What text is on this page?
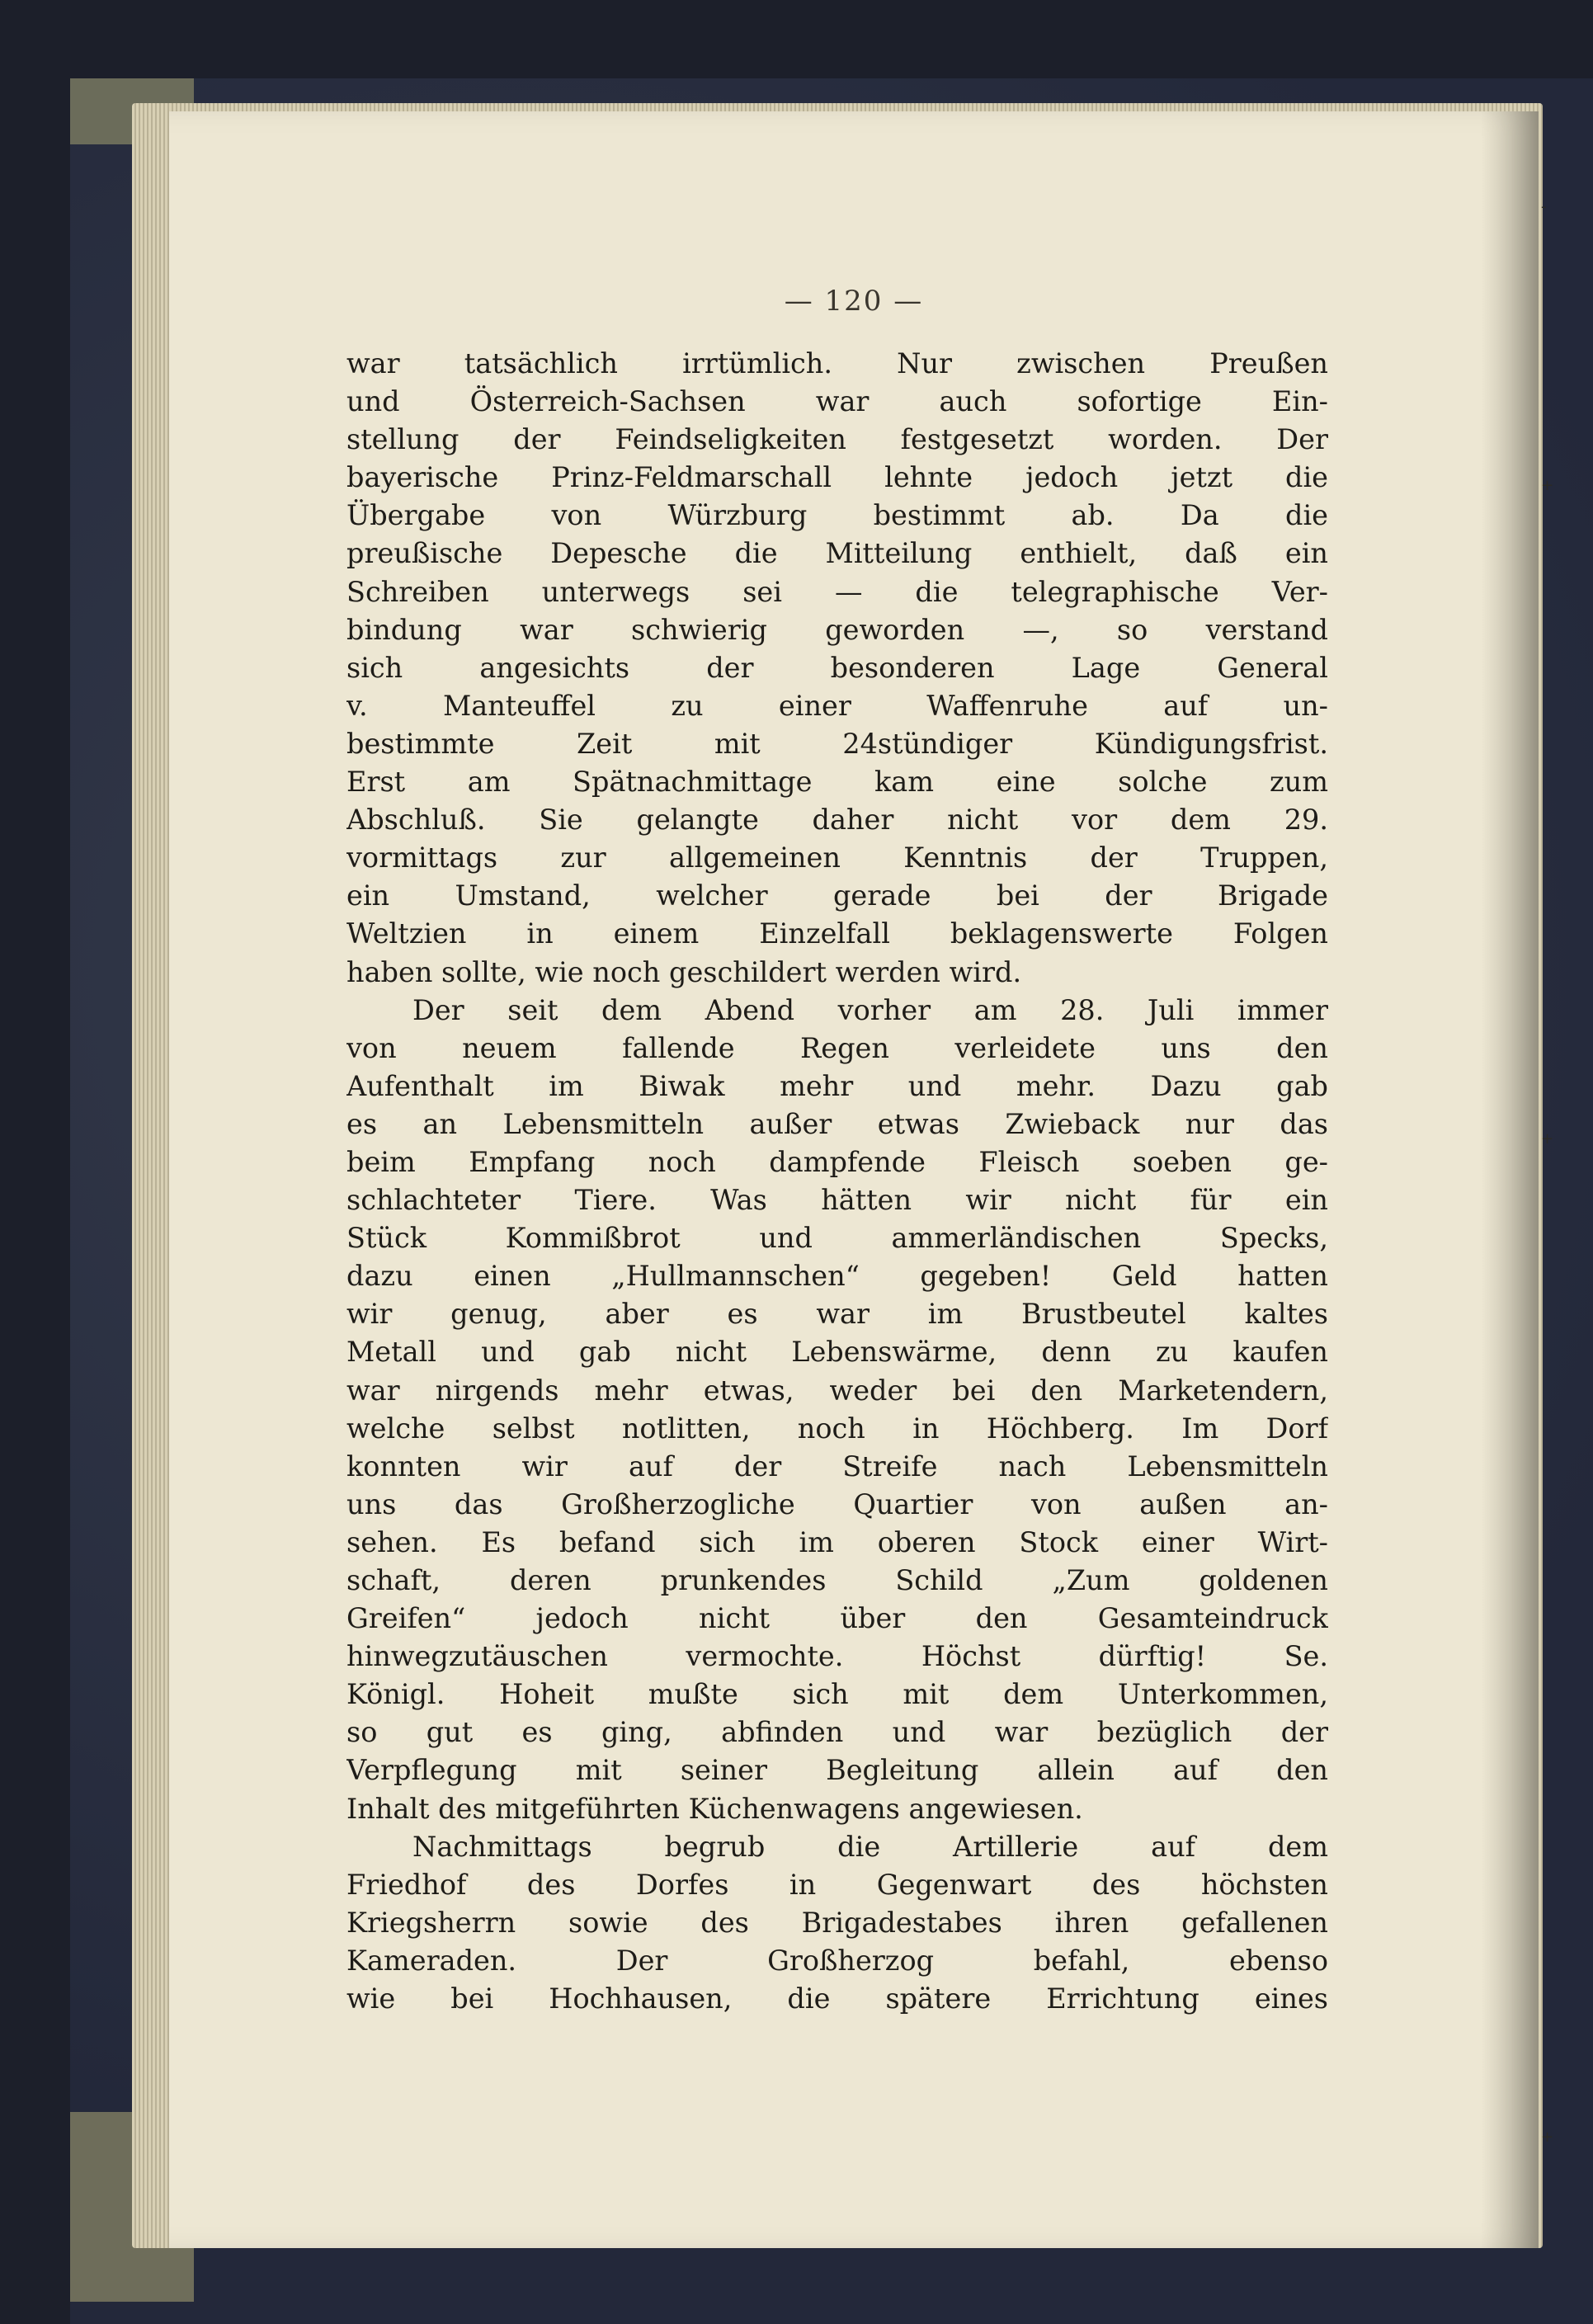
— 120 —
war tatsächlich irrtümlich. Nur zwischen Preußen
und Österreich-Sachsen war auch sofortige Ein-
stellung der Feindseligkeiten festgesetzt worden. Der
bayerische Prinz-Feldmarschall lehnte jedoch jetzt die
Übergabe von Würzburg bestimmt ab. Da die
preußische Depesche die Mitteilung enthielt, daß ein
Schreiben unterwegs sei — die telegraphische Ver-
bindung war schwierig geworden —, so verstand
sich angesichts der besonderen Lage General
v. Manteuffel zu einer Waffenruhe auf un-
bestimmte Zeit mit 24stündiger Kündigungsfrist.
Erst am Spätnachmittage kam eine solche zum
Abschluß. Sie gelangte daher nicht vor dem 29.
vormittags zur allgemeinen Kenntnis der Truppen,
ein Umstand, welcher gerade bei der Brigade
Weltzien in einem Einzelfall beklagenswerte Folgen
haben sollte, wie noch geschildert werden wird.
Der seit dem Abend vorher am 28. Juli immer
von neuem fallende Regen verleidete uns den
Aufenthalt im Biwak mehr und mehr. Dazu gab
es an Lebensmitteln außer etwas Zwieback nur das
beim Empfang noch dampfende Fleisch soeben ge-
schlachteter Tiere. Was hätten wir nicht für ein
Stück Kommißbrot und ammerländischen Specks,
dazu einen „Hullmannschen“ gegeben! Geld hatten
wir genug, aber es war im Brustbeutel kaltes
Metall und gab nicht Lebenswärme, denn zu kaufen
war nirgends mehr etwas, weder bei den Marketendern,
welche selbst notlitten, noch in Höchberg. Im Dorf
konnten wir auf der Streife nach Lebensmitteln
uns das Großherzogliche Quartier von außen an-
sehen. Es befand sich im oberen Stock einer Wirt-
schaft, deren prunkendes Schild „Zum goldenen
Greifen“ jedoch nicht über den Gesamteindruck
hinwegzutäuschen vermochte. Höchst dürftig! Se.
Königl. Hoheit mußte sich mit dem Unterkommen,
so gut es ging, abfinden und war bezüglich der
Verpflegung mit seiner Begleitung allein auf den
Inhalt des mitgeführten Küchenwagens angewiesen.
Nachmittags begrub die Artillerie auf dem
Friedhof des Dorfes in Gegenwart des höchsten
Kriegsherrn sowie des Brigadestabes ihren gefallenen
Kameraden. Der Großherzog befahl, ebenso
wie bei Hochhausen, die spätere Errichtung eines
-
+
+
+
